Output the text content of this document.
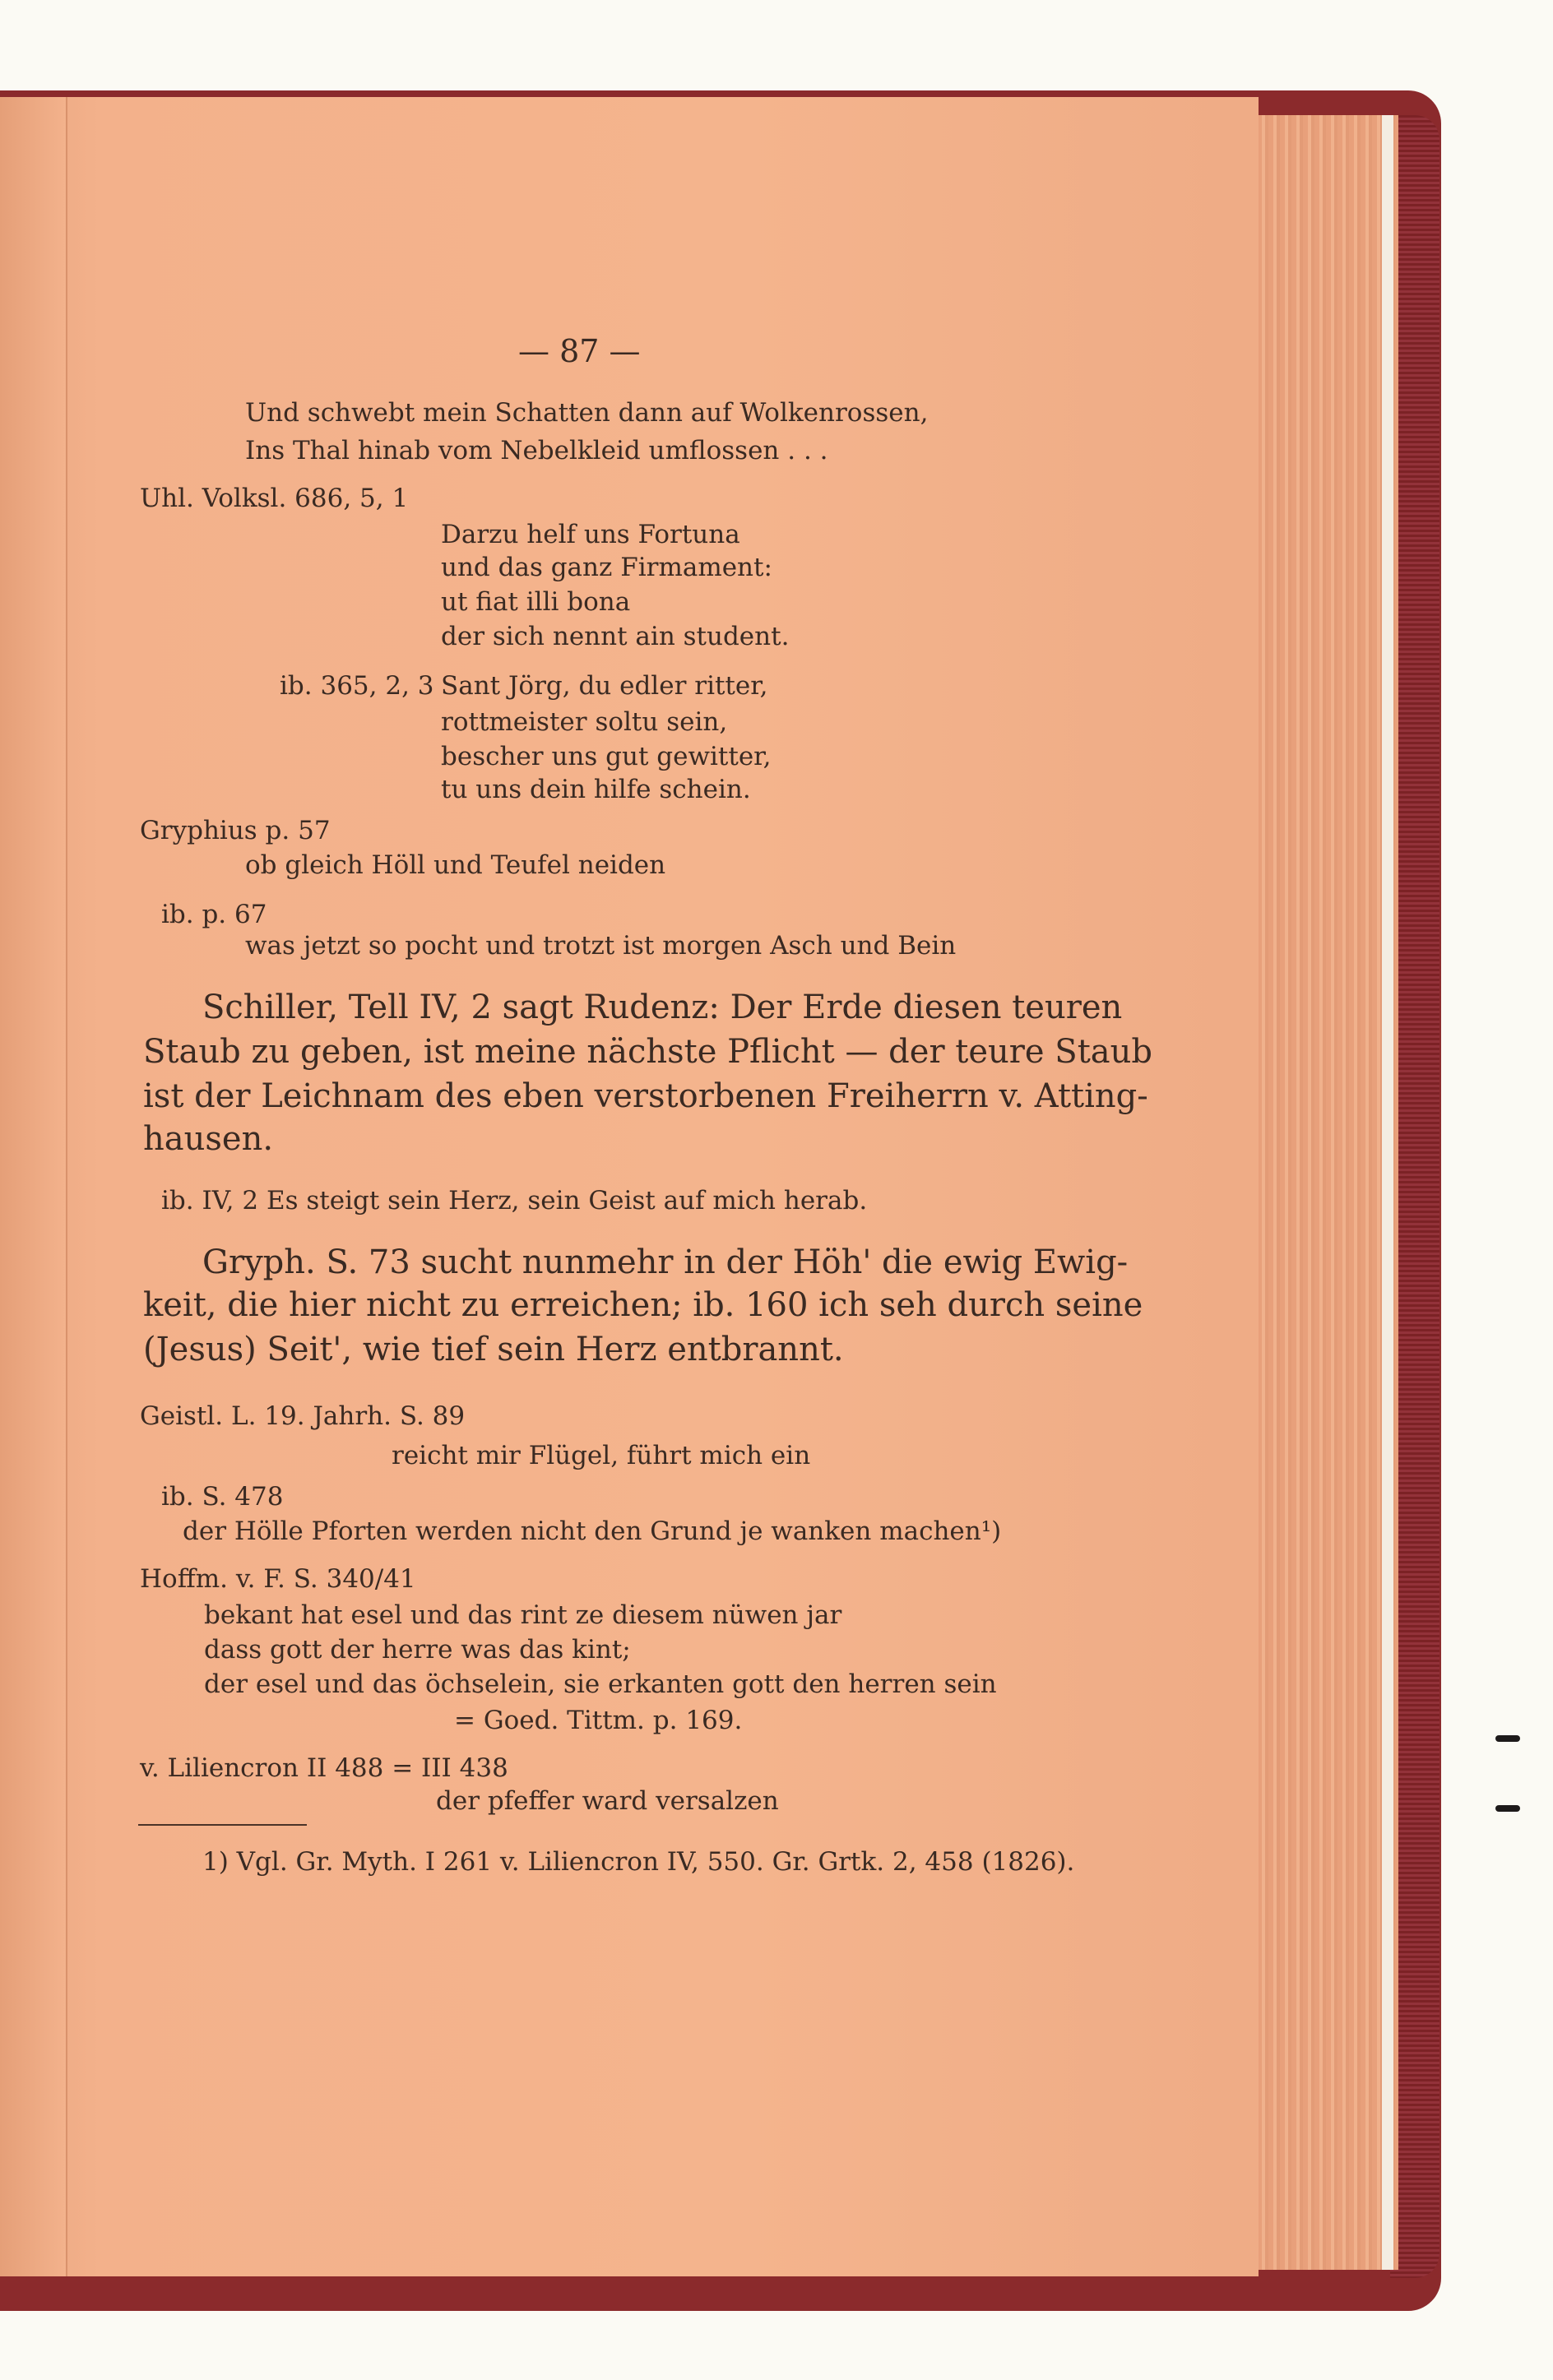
— 87 —
Und schwebt mein Schatten dann auf Wolkenrossen,
Ins Thal hinab vom Nebelkleid umflossen . . .
Uhl. Volksl. 686, 5, 1
Darzu helf uns Fortuna
und das ganz Firmament:
ut fiat illi bona
der sich nennt ain student.
ib. 365, 2, 3 Sant Jörg, du edler ritter,
rottmeister soltu sein,
bescher uns gut gewitter,
tu uns dein hilfe schein.
Gryphius p. 57
ob gleich Höll und Teufel neiden
ib. p. 67
was jetzt so pocht und trotzt ist morgen Asch und Bein
Schiller, Tell IV, 2 sagt Rudenz: Der Erde diesen teuren
Staub zu geben, ist meine nächste Pflicht — der teure Staub
ist der Leichnam des eben verstorbenen Freiherrn v. Atting-
hausen.
ib. IV, 2 Es steigt sein Herz, sein Geist auf mich herab.
Gryph. S. 73 sucht nunmehr in der Höh' die ewig Ewig-
keit, die hier nicht zu erreichen; ib. 160 ich seh durch seine
(Jesus) Seit', wie tief sein Herz entbrannt.
Geistl. L. 19. Jahrh. S. 89
reicht mir Flügel, führt mich ein
ib. S. 478
der Hölle Pforten werden nicht den Grund je wanken machen¹)
Hoffm. v. F. S. 340/41
bekant hat esel und das rint ze diesem nüwen jar
dass gott der herre was das kint;
der esel und das öchselein, sie erkanten gott den herren sein
= Goed. Tittm. p. 169.
v. Liliencron II 488 = III 438
der pfeffer ward versalzen
1) Vgl. Gr. Myth. I 261 v. Liliencron IV, 550. Gr. Grtk. 2, 458 (1826).
